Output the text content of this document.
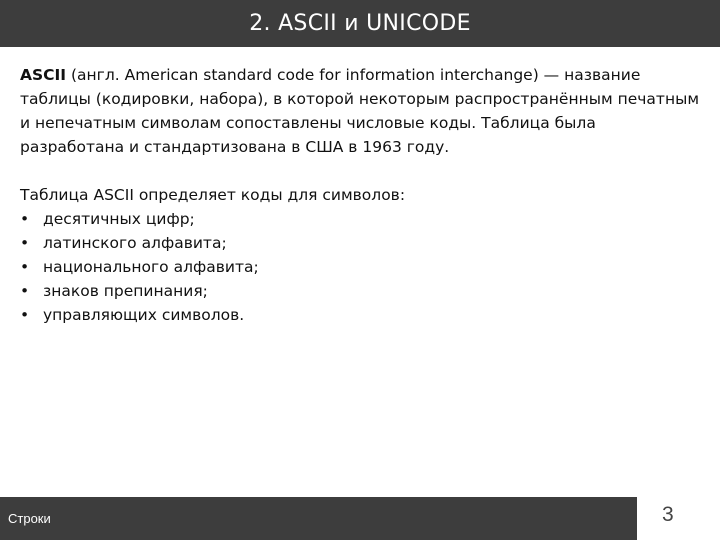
2. ASCII и UNICODE

ASCII (англ. American standard code for information interchange) — название таблицы (кодировки, набора), в которой некоторым распространённым печатным и непечатным символам сопоставлены числовые коды. Таблица была разработана и стандартизована в США в 1963 году.

Таблица ASCII определяет коды для символов:

• десятичных цифр;
• латинского алфавита;
• национального алфавита;
• знаков препинания;
• управляющих символов.
Строки	3
